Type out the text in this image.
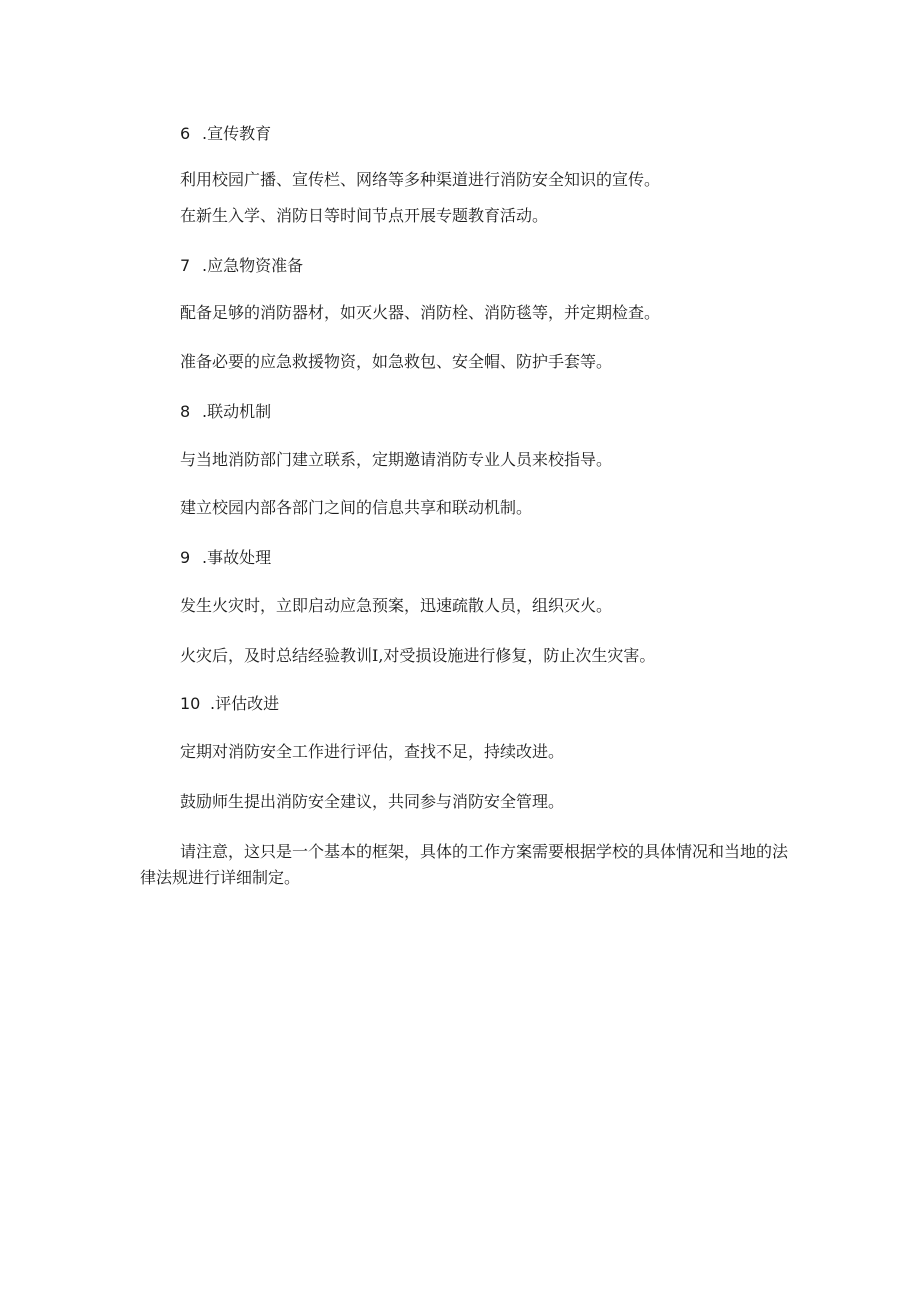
6 .宣传教育
利用校园广播、宣传栏、网络等多种渠道进行消防安全知识的宣传。
在新生入学、消防日等时间节点开展专题教育活动。
7 .应急物资准备
配备足够的消防器材，如灭火器、消防栓、消防毯等，并定期检查。
准备必要的应急救援物资，如急救包、安全帽、防护手套等。
8 .联动机制
与当地消防部门建立联系，定期邀请消防专业人员来校指导。
建立校园内部各部门之间的信息共享和联动机制。
9 .事故处理
发生火灾时，立即启动应急预案，迅速疏散人员，组织灭火。
火灾后，及时总结经验教训I,对受损设施进行修复，防止次生灾害。
10 .评估改进
定期对消防安全工作进行评估，查找不足，持续改进。
鼓励师生提出消防安全建议，共同参与消防安全管理。
请注意，这只是一个基本的框架，具体的工作方案需要根据学校的具体情况和当地的法律法规进行详细制定。
